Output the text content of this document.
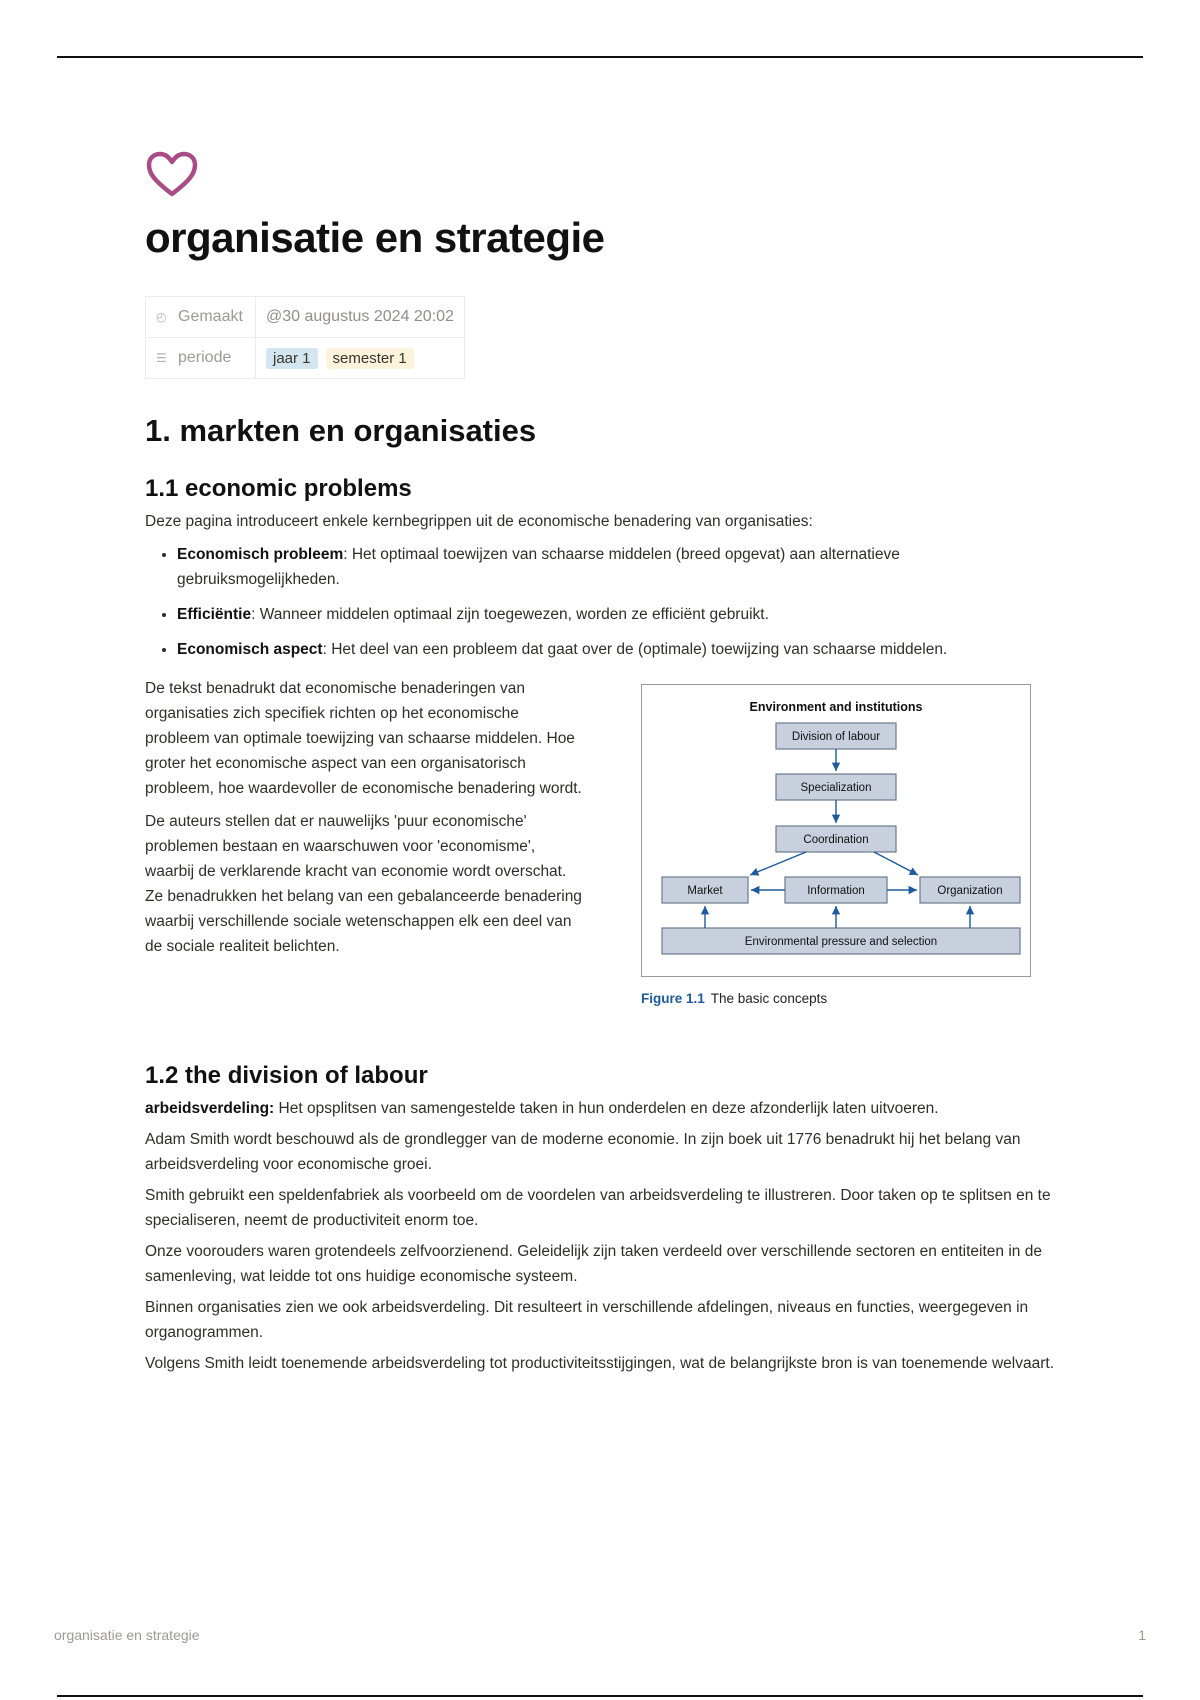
organisatie en strategie
◴ Gemaakt	@30 augustus 2024 20:02
☰ periode	jaar 1	semester 1
1. markten en organisaties
1.1 economic problems

Deze pagina introduceert enkele kernbegrippen uit de economische benadering van organisaties:

• Economisch probleem: Het optimaal toewijzen van schaarse middelen (breed opgevat) aan alternatieve gebruiksmogelijkheden.
• Efficiëntie: Wanneer middelen optimaal zijn toegewezen, worden ze efficiënt gebruikt.
• Economisch aspect: Het deel van een probleem dat gaat over de (optimale) toewijzing van schaarse middelen.

De tekst benadrukt dat economische benaderingen van organisaties zich specifiek richten op het economische probleem van optimale toewijzing van schaarse middelen. Hoe groter het economische aspect van een organisatorisch probleem, hoe waardevoller de economische benadering wordt.

De auteurs stellen dat er nauwelijks 'puur economische' problemen bestaan en waarschuwen voor 'economisme', waarbij de verklarende kracht van economie wordt overschat. Ze benadrukken het belang van een gebalanceerde benadering waarbij verschillende sociale wetenschappen elk een deel van de sociale realiteit belichten.

Environment and institutions
Division of labour
Specialization
Coordination
Market	Information	Organization
Environmental pressure and selection
Figure 1.1 The basic concepts
1.2 the division of labour

arbeidsverdeling: Het opsplitsen van samengestelde taken in hun onderdelen en deze afzonderlijk laten uitvoeren.

Adam Smith wordt beschouwd als de grondlegger van de moderne economie. In zijn boek uit 1776 benadrukt hij het belang van arbeidsverdeling voor economische groei.

Smith gebruikt een speldenfabriek als voorbeeld om de voordelen van arbeidsverdeling te illustreren. Door taken op te splitsen en te specialiseren, neemt de productiviteit enorm toe.

Onze voorouders waren grotendeels zelfvoorzienend. Geleidelijk zijn taken verdeeld over verschillende sectoren en entiteiten in de samenleving, wat leidde tot ons huidige economische systeem.

Binnen organisaties zien we ook arbeidsverdeling. Dit resulteert in verschillende afdelingen, niveaus en functies, weergegeven in organogrammen.

Volgens Smith leidt toenemende arbeidsverdeling tot productiviteitsstijgingen, wat de belangrijkste bron is van toenemende welvaart.

organisatie en strategie	1
